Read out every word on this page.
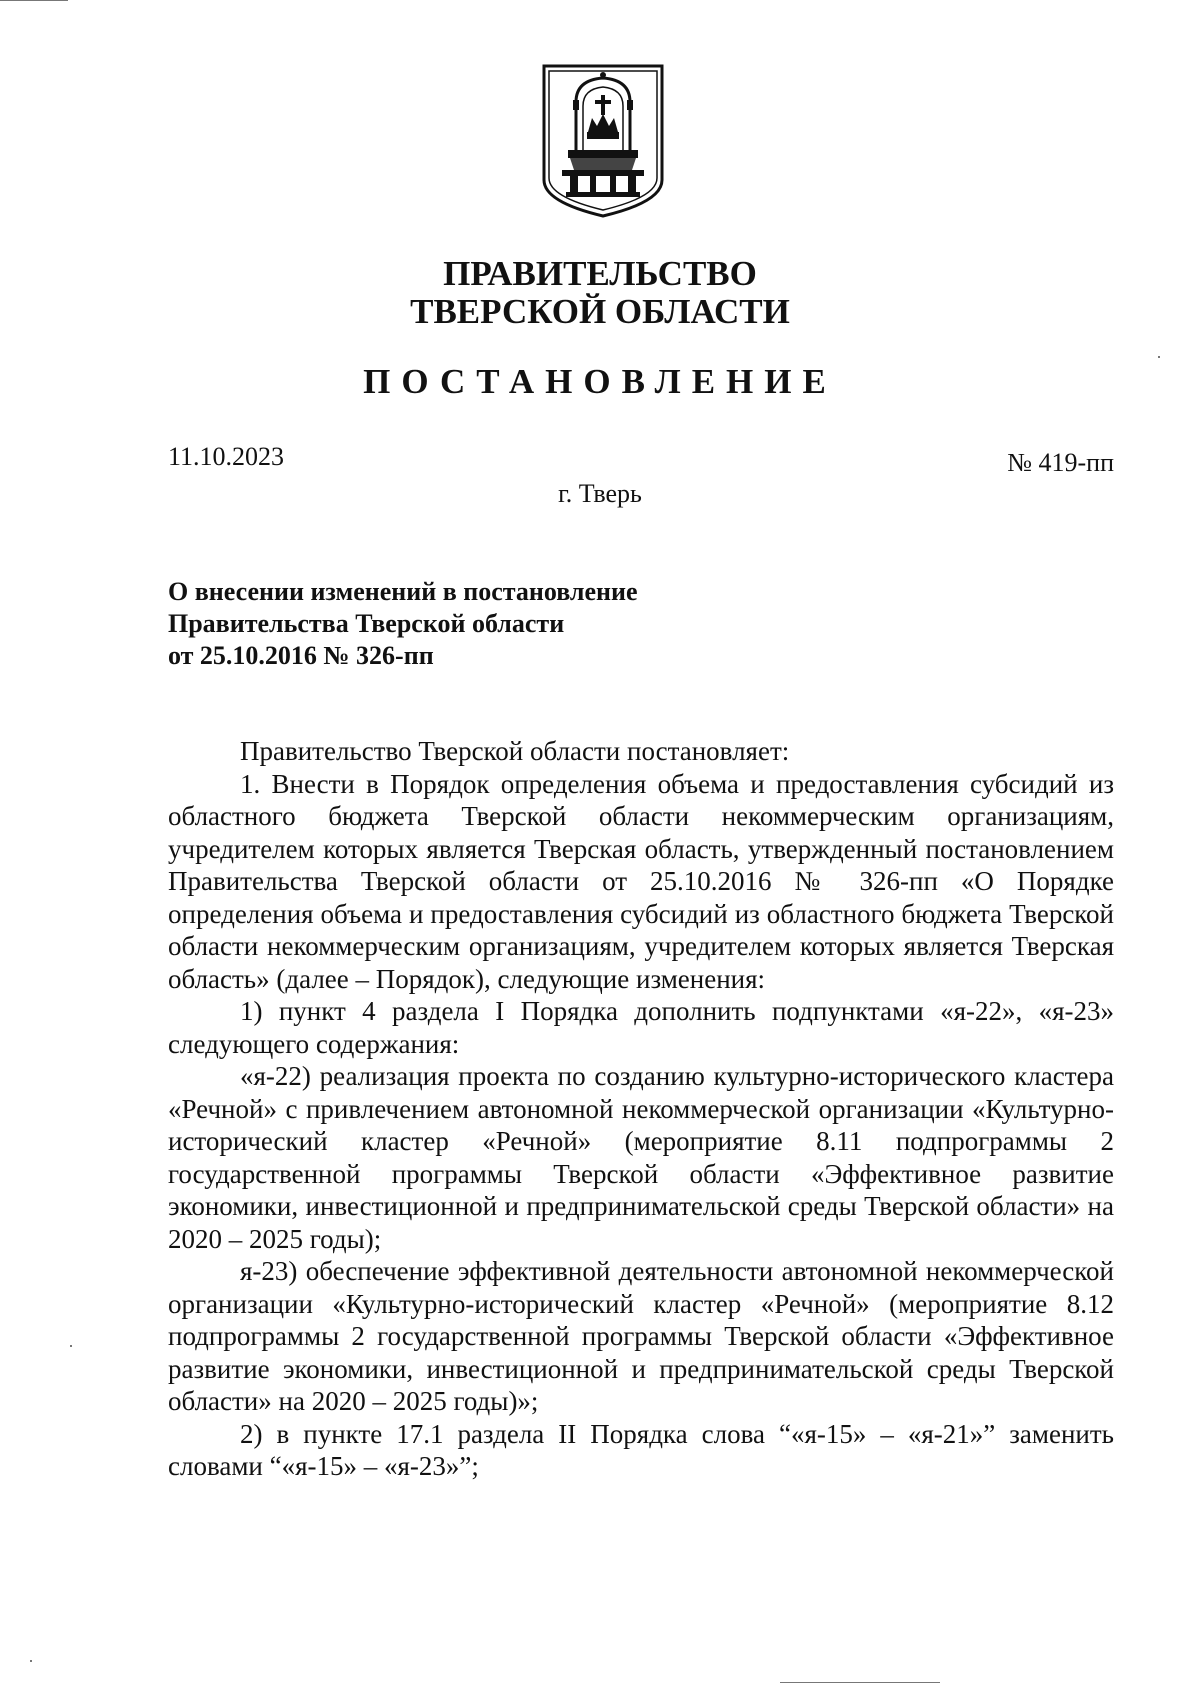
ПРАВИТЕЛЬСТВО
ТВЕРСКОЙ ОБЛАСТИ
ПОСТАНОВЛЕНИЕ
11.10.2023	№ 419-пп
г. Тверь
О внесении изменений в постановление
Правительства Тверской области
от 25.10.2016 № 326-пп

Правительство Тверской области постановляет:

1. Внести в Порядок определения объема и предоставления субсидий из областного бюджета Тверской области некоммерческим организациям, учредителем которых является Тверская область, утвержденный постановлением Правительства Тверской области от 25.10.2016 № 326-пп «О Порядке определения объема и предоставления субсидий из областного бюджета Тверской области некоммерческим организациям, учредителем которых является Тверская область» (далее – Порядок), следующие изменения:

1) пункт 4 раздела I Порядка дополнить подпунктами «я-22», «я-23» следующего содержания:

«я-22) реализация проекта по созданию культурно-исторического кластера «Речной» с привлечением автономной некоммерческой организации «Культурно-исторический кластер «Речной» (мероприятие 8.11 подпрограммы 2 государственной программы Тверской области «Эффективное развитие экономики, инвестиционной и предпринимательской среды Тверской области» на 2020 – 2025 годы);

я-23) обеспечение эффективной деятельности автономной некоммерческой организации «Культурно-исторический кластер «Речной» (мероприятие 8.12 подпрограммы 2 государственной программы Тверской области «Эффективное развитие экономики, инвестиционной и предпринимательской среды Тверской области» на 2020 – 2025 годы)»;

2) в пункте 17.1 раздела II Порядка слова “«я-15» – «я-21»” заменить словами “«я-15» – «я-23»”;
